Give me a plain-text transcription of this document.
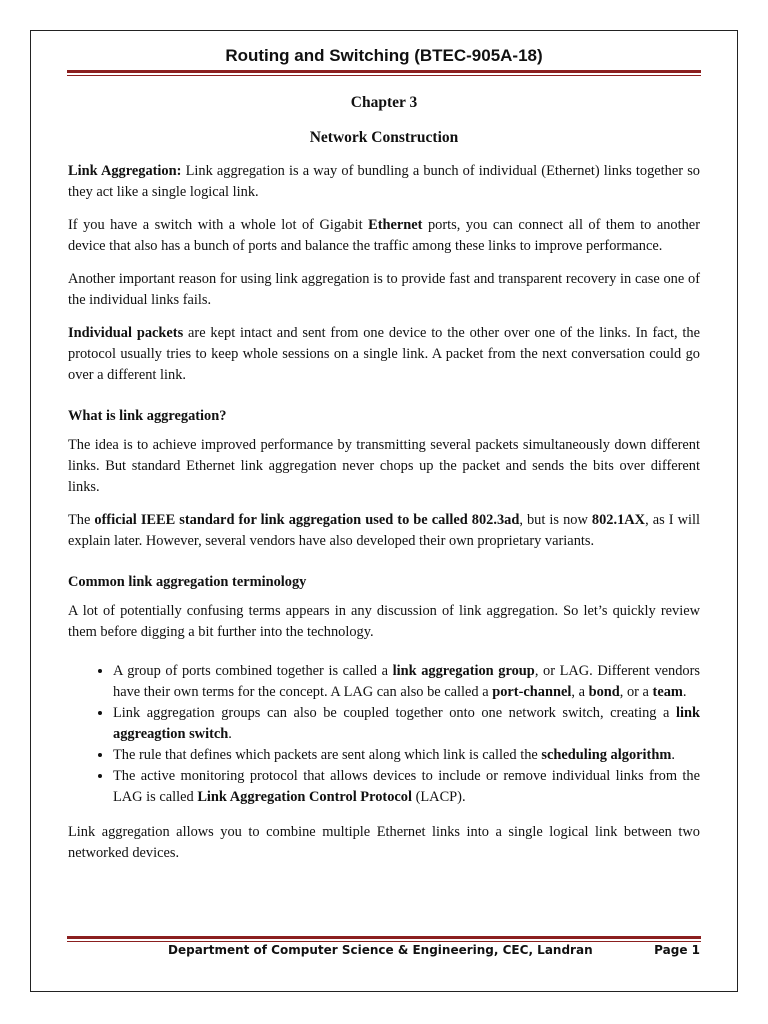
Routing and Switching (BTEC-905A-18)
Chapter 3
Network Construction

Link Aggregation: Link aggregation is a way of bundling a bunch of individual (Ethernet) links together so they act like a single logical link.

If you have a switch with a whole lot of Gigabit Ethernet ports, you can connect all of them to another device that also has a bunch of ports and balance the traffic among these links to improve performance.

Another important reason for using link aggregation is to provide fast and transparent recovery in case one of the individual links fails.

Individual packets are kept intact and sent from one device to the other over one of the links. In fact, the protocol usually tries to keep whole sessions on a single link. A packet from the next conversation could go over a different link.

What is link aggregation?

The idea is to achieve improved performance by transmitting several packets simultaneously down different links. But standard Ethernet link aggregation never chops up the packet and sends the bits over different links.

The official IEEE standard for link aggregation used to be called 802.3ad, but is now 802.1AX, as I will explain later. However, several vendors have also developed their own proprietary variants.

Common link aggregation terminology

A lot of potentially confusing terms appears in any discussion of link aggregation. So let’s quickly review them before digging a bit further into the technology.

• A group of ports combined together is called a link aggregation group, or LAG. Different vendors have their own terms for the concept. A LAG can also be called a port-channel, a bond, or a team.
• Link aggregation groups can also be coupled together onto one network switch, creating a link aggreagtion switch.
• The rule that defines which packets are sent along which link is called the scheduling algorithm.
• The active monitoring protocol that allows devices to include or remove individual links from the LAG is called Link Aggregation Control Protocol (LACP).

Link aggregation allows you to combine multiple Ethernet links into a single logical link between two networked devices.

Department of Computer Science & Engineering, CEC, Landran	Page 1
